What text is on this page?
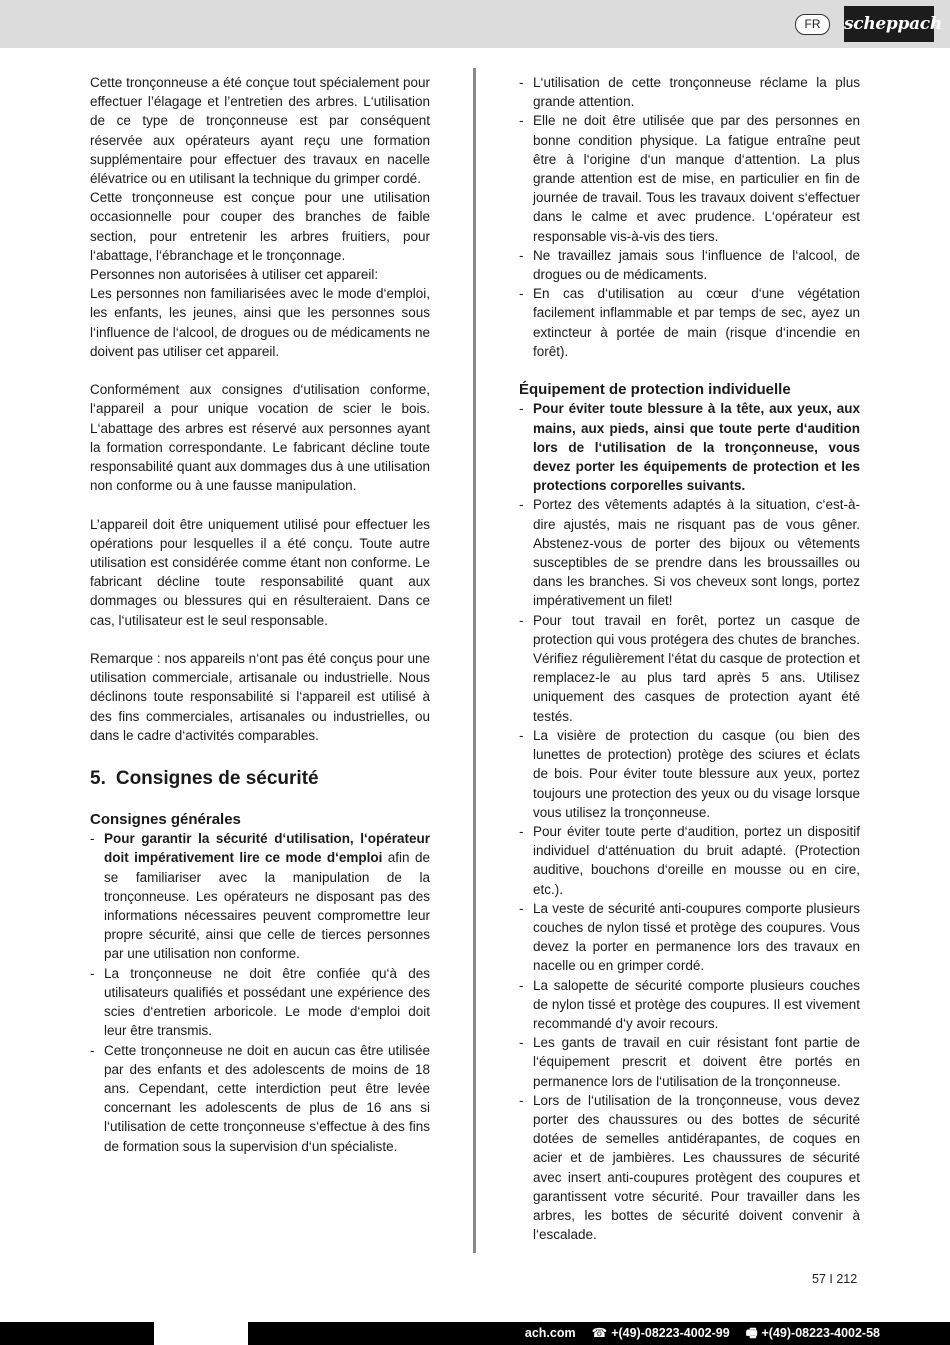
FR	scheppach

Cette tronçonneuse a été conçue tout spécialement pour effectuer l’élagage et l’entretien des arbres. L‘utilisation de ce type de tronçonneuse est par conséquent réservée aux opérateurs ayant reçu une formation supplémentaire pour effectuer des travaux en nacelle élévatrice ou en utilisant la technique du grimper cordé.

Cette tronçonneuse est conçue pour une utilisation occasionnelle pour couper des branches de faible section, pour entretenir les arbres fruitiers, pour l‘abattage, l‘ébranchage et le tronçonnage.

Personnes non autorisées à utiliser cet appareil:

Les personnes non familiarisées avec le mode d‘emploi, les enfants, les jeunes, ainsi que les personnes sous l‘influence de l‘alcool, de drogues ou de médicaments ne doivent pas utiliser cet appareil.

Conformément aux consignes d‘utilisation conforme, l‘appareil a pour unique vocation de scier le bois. L‘abattage des arbres est réservé aux personnes ayant la formation correspondante. Le fabricant décline toute responsabilité quant aux dommages dus à une utilisation non conforme ou à une fausse manipulation.

L’appareil doit être uniquement utilisé pour effectuer les opérations pour lesquelles il a été conçu. Toute autre utilisation est considérée comme étant non conforme. Le fabricant décline toute responsabilité quant aux dommages ou blessures qui en résulteraient. Dans ce cas, l‘utilisateur est le seul responsable.

Remarque : nos appareils n‘ont pas été conçus pour une utilisation commerciale, artisanale ou industrielle. Nous déclinons toute responsabilité si l‘appareil est utilisé à des fins commerciales, artisanales ou industrielles, ou dans le cadre d‘activités comparables.

5. Consignes de sécurité

Consignes générales

- Pour garantir la sécurité d‘utilisation, l‘opérateur doit impérativement lire ce mode d‘emploi afin de se familiariser avec la manipulation de la tronçonneuse. Les opérateurs ne disposant pas des informations nécessaires peuvent compromettre leur propre sécurité, ainsi que celle de tierces personnes par une utilisation non conforme.
- La tronçonneuse ne doit être confiée qu‘à des utilisateurs qualifiés et possédant une expérience des scies d‘entretien arboricole. Le mode d‘emploi doit leur être transmis.
- Cette tronçonneuse ne doit en aucun cas être utilisée par des enfants et des adolescents de moins de 18 ans. Cependant, cette interdiction peut être levée concernant les adolescents de plus de 16 ans si l‘utilisation de cette tronçonneuse s‘effectue à des fins de formation sous la supervision d‘un spécialiste.
- L‘utilisation de cette tronçonneuse réclame la plus grande attention.
- Elle ne doit être utilisée que par des personnes en bonne condition physique. La fatigue entraîne peut être à l‘origine d‘un manque d‘attention. La plus grande attention est de mise, en particulier en fin de journée de travail. Tous les travaux doivent s‘effectuer dans le calme et avec prudence. L‘opérateur est responsable vis-à-vis des tiers.
- Ne travaillez jamais sous l‘influence de l‘alcool, de drogues ou de médicaments.
- En cas d‘utilisation au cœur d‘une végétation facilement inflammable et par temps de sec, ayez un extincteur à portée de main (risque d‘incendie en forêt).

Équipement de protection individuelle

- Pour éviter toute blessure à la tête, aux yeux, aux mains, aux pieds, ainsi que toute perte d‘audition lors de l‘utilisation de la tronçonneuse, vous devez porter les équipements de protection et les protections corporelles suivants.
- Portez des vêtements adaptés à la situation, c‘est-à-dire ajustés, mais ne risquant pas de vous gêner. Abstenez-vous de porter des bijoux ou vêtements susceptibles de se prendre dans les broussailles ou dans les branches. Si vos cheveux sont longs, portez impérativement un filet!
- Pour tout travail en forêt, portez un casque de protection qui vous protégera des chutes de branches. Vérifiez régulièrement l‘état du casque de protection et remplacez-le au plus tard après 5 ans. Utilisez uniquement des casques de protection ayant été testés.
- La visière de protection du casque (ou bien des lunettes de protection) protège des sciures et éclats de bois. Pour éviter toute blessure aux yeux, portez toujours une protection des yeux ou du visage lorsque vous utilisez la tronçonneuse.
- Pour éviter toute perte d‘audition, portez un dispositif individuel d‘atténuation du bruit adapté. (Protection auditive, bouchons d‘oreille en mousse ou en cire, etc.).
- La veste de sécurité anti-coupures comporte plusieurs couches de nylon tissé et protège des coupures. Vous devez la porter en permanence lors des travaux en nacelle ou en grimper cordé.
- La salopette de sécurité comporte plusieurs couches de nylon tissé et protège des coupures. Il est vivement recommandé d‘y avoir recours.
- Les gants de travail en cuir résistant font partie de l‘équipement prescrit et doivent être portés en permanence lors de l‘utilisation de la tronçonneuse.
- Lors de l‘utilisation de la tronçonneuse, vous devez porter des chaussures ou des bottes de sécurité dotées de semelles antidérapantes, de coques en acier et de jambières. Les chaussures de sécurité avec insert anti-coupures protègent des coupures et garantissent votre sécurité. Pour travailler dans les arbres, les bottes de sécurité doivent convenir à l‘escalade.
57 I 212
ach.com ☎ +(49)-08223-4002-99 🖷 +(49)-08223-4002-58
